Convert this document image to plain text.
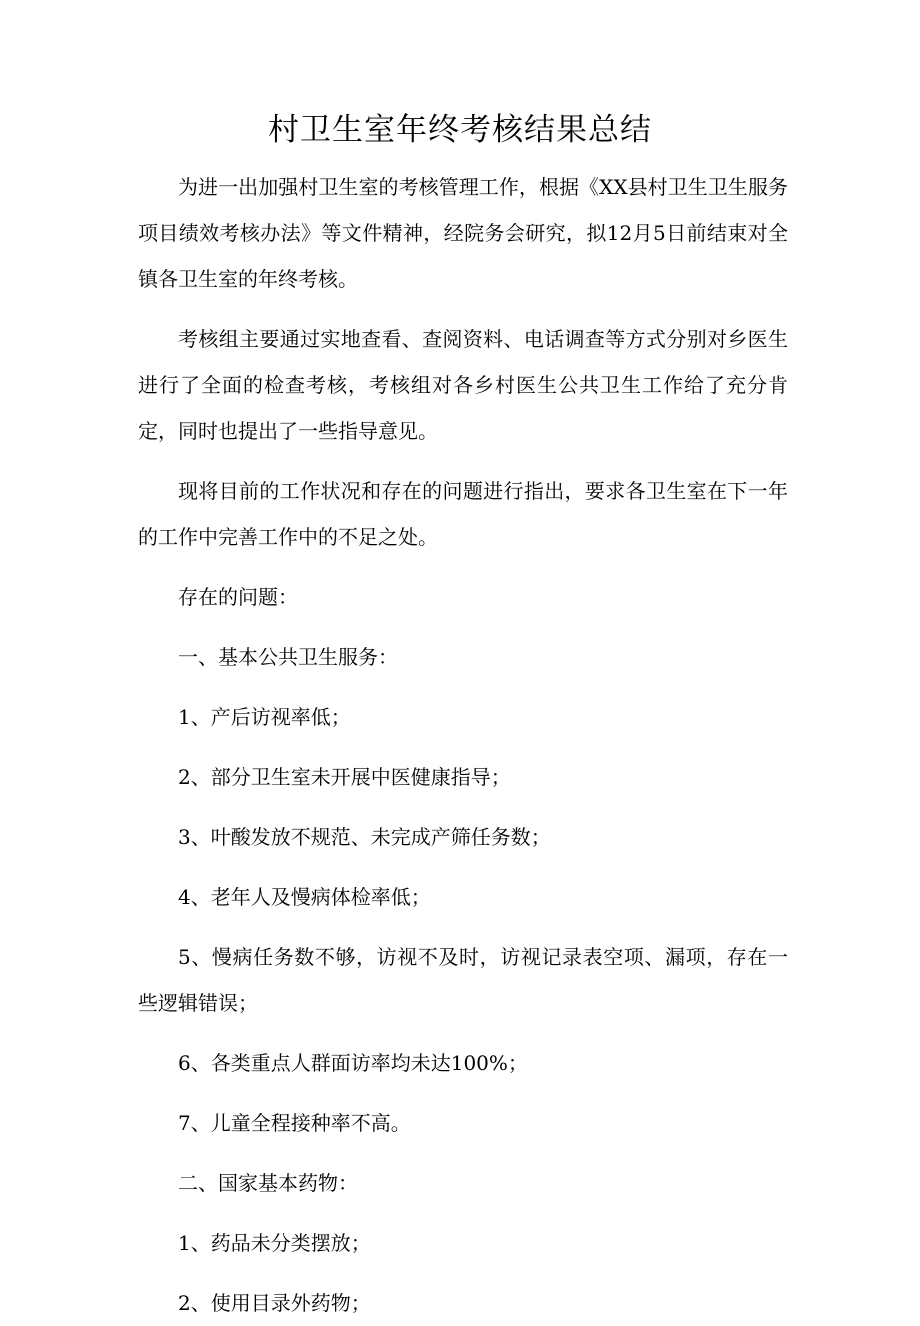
村卫生室年终考核结果总结

为进一出加强村卫生室的考核管理工作，根据《XX县村卫生卫生服务项目绩效考核办法》等文件精神，经院务会研究，拟12月5日前结束对全镇各卫生室的年终考核。

考核组主要通过实地查看、查阅资料、电话调查等方式分别对乡医生进行了全面的检查考核，考核组对各乡村医生公共卫生工作给了充分肯定，同时也提出了一些指导意见。

现将目前的工作状况和存在的问题进行指出，要求各卫生室在下一年的工作中完善工作中的不足之处。

存在的问题：

一、基本公共卫生服务：

1、产后访视率低；

2、部分卫生室未开展中医健康指导；

3、叶酸发放不规范、未完成产筛任务数；

4、老年人及慢病体检率低；

5、慢病任务数不够，访视不及时，访视记录表空项、漏项，存在一些逻辑错误；

6、各类重点人群面访率均未达100%；

7、儿童全程接种率不高。

二、国家基本药物：

1、药品未分类摆放；

2、使用目录外药物；
